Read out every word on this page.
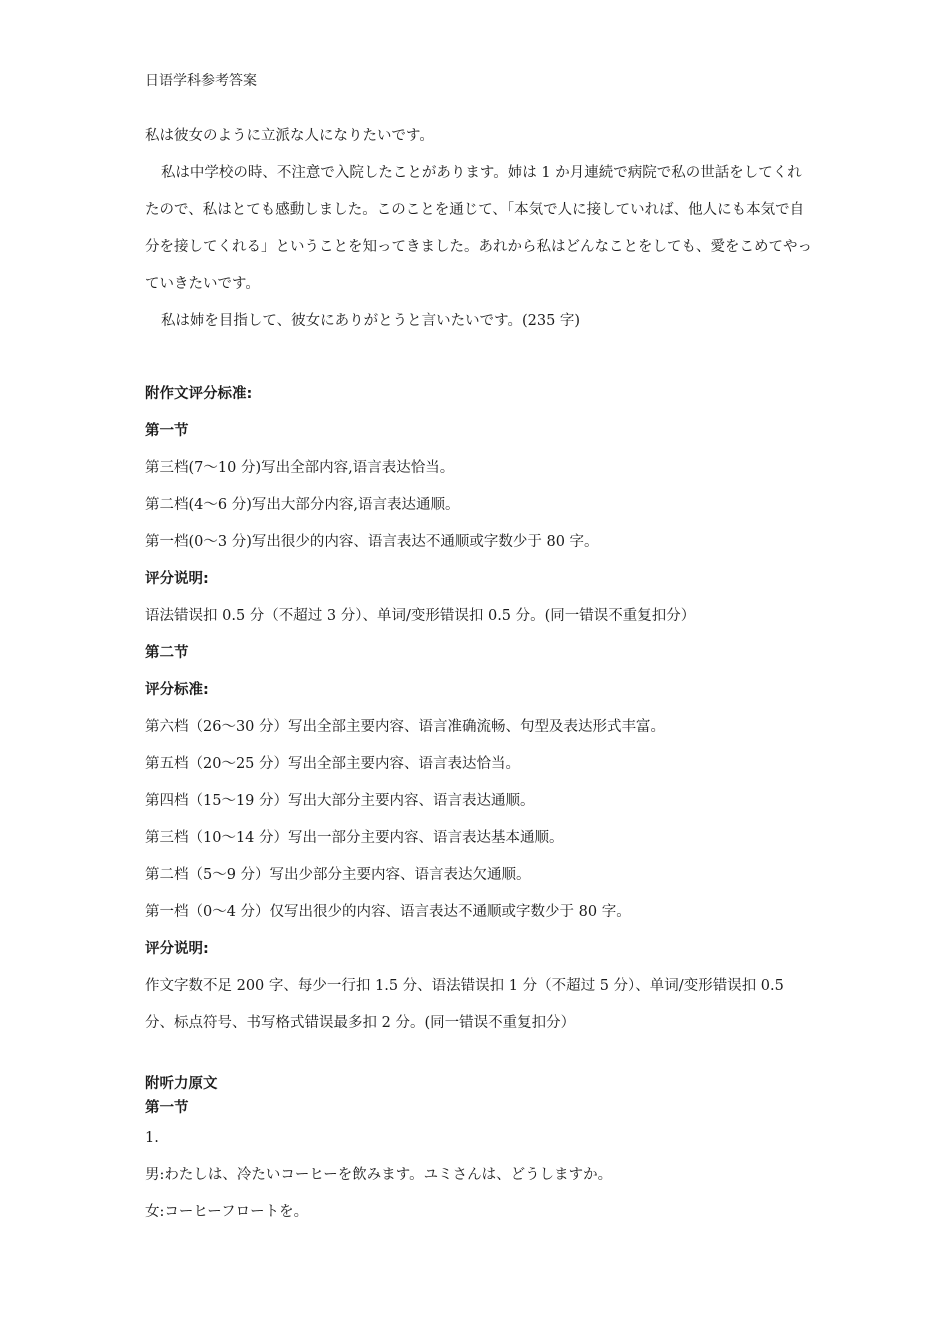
日语学科参考答案

私は彼女のように立派な人になりたいです。

私は中学校の時、不注意で入院したことがあります。姉は 1 か月連続で病院で私の世話をしてくれたので、私はとても感動しました。このことを通じて、「本気で人に接していれば、他人にも本気で自分を接してくれる」ということを知ってきました。あれから私はどんなことをしても、愛をこめてやっていきたいです。

私は姉を目指して、彼女にありがとうと言いたいです。(235 字)

附作文评分标准:

第一节

第三档(7～10 分)写出全部内容,语言表达恰当。

第二档(4～6 分)写出大部分内容,语言表达通顺。

第一档(0～3 分)写出很少的内容、语言表达不通顺或字数少于 80 字。

评分说明:

语法错误扣 0.5 分（不超过 3 分）、单词/变形错误扣 0.5 分。(同一错误不重复扣分）

第二节

评分标准:

第六档（26～30 分）写出全部主要内容、语言准确流畅、句型及表达形式丰富。

第五档（20～25 分）写出全部主要内容、语言表达恰当。

第四档（15～19 分）写出大部分主要内容、语言表达通顺。

第三档（10～14 分）写出一部分主要内容、语言表达基本通顺。

第二档（5～9 分）写出少部分主要内容、语言表达欠通顺。

第一档（0～4 分）仅写出很少的内容、语言表达不通顺或字数少于 80 字。

评分说明:

作文字数不足 200 字、每少一行扣 1.5 分、语法错误扣 1 分（不超过 5 分）、单词/变形错误扣 0.5 分、标点符号、书写格式错误最多扣 2 分。(同一错误不重复扣分）

附听力原文

第一节

1.

男:わたしは、冷たいコーヒーを飲みます。ユミさんは、どうしますか。

女:コーヒーフロートを。
